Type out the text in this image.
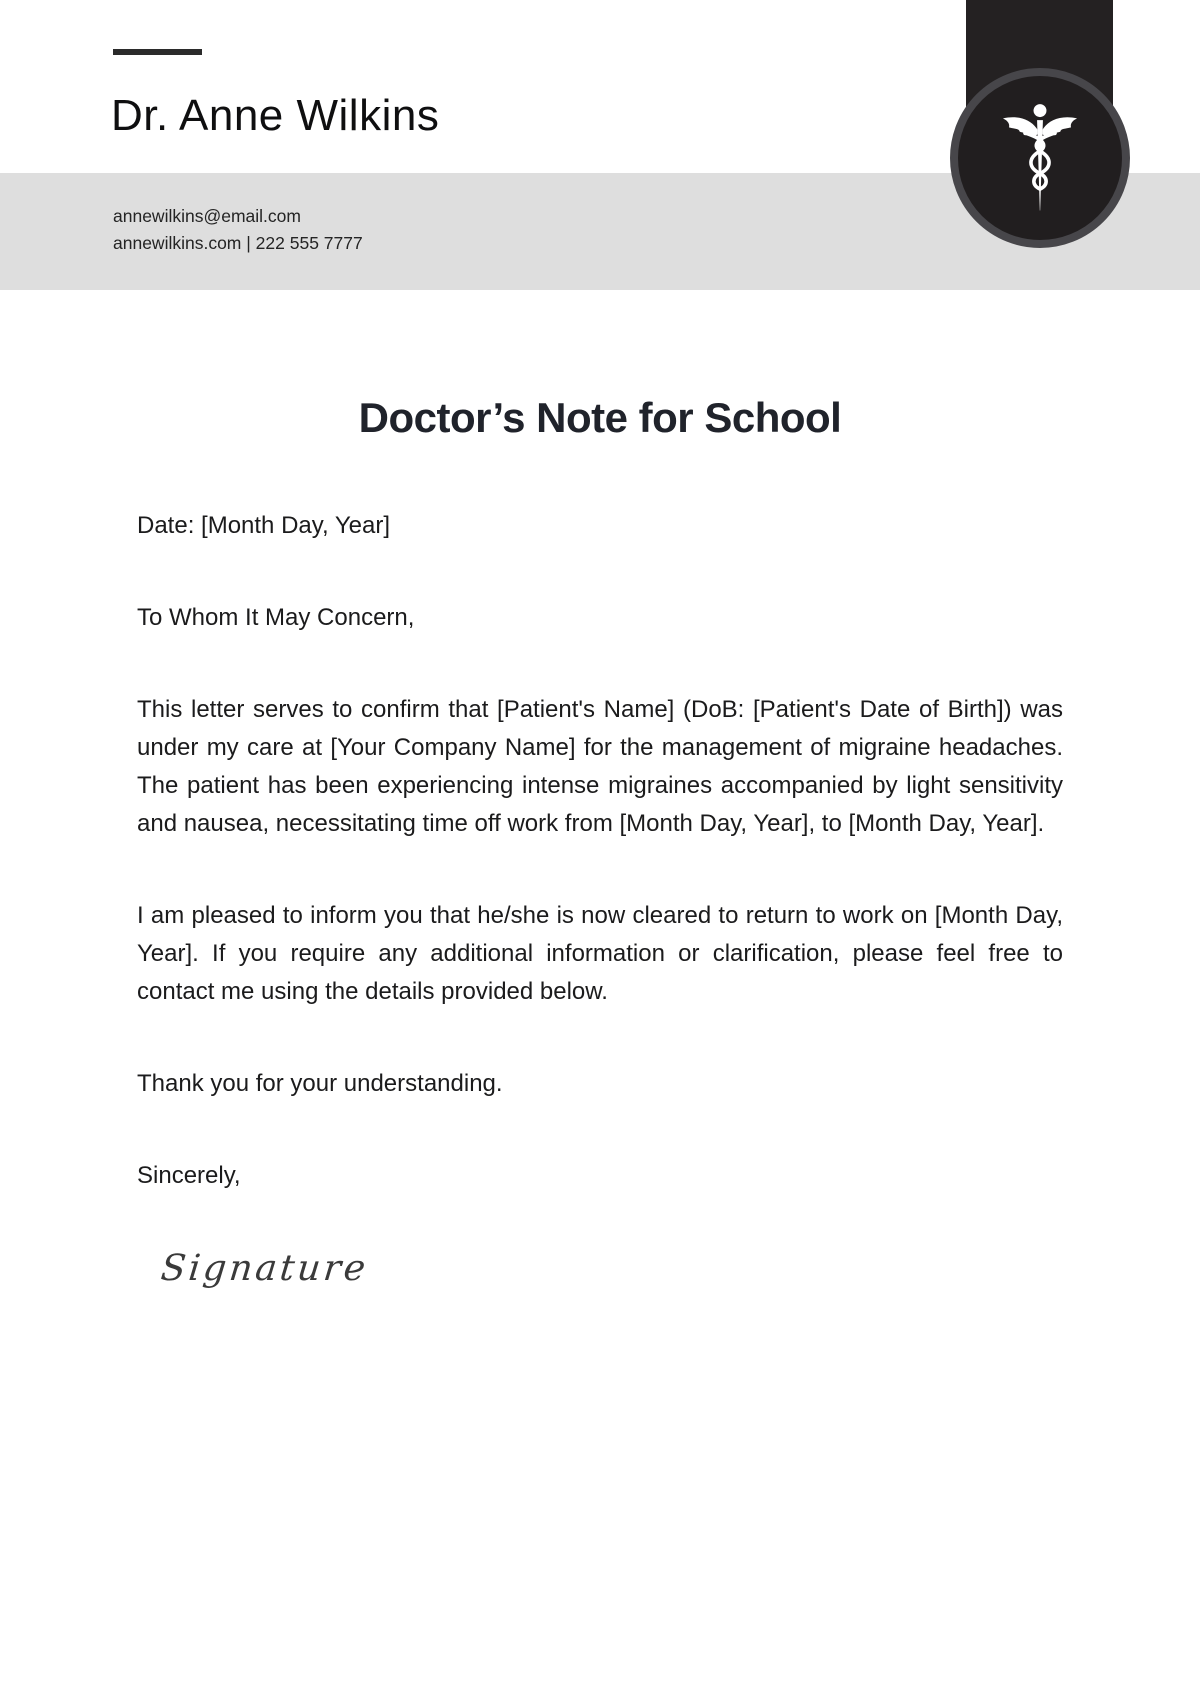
Dr. Anne Wilkins
annewilkins@email.com
annewilkins.com | 222 555 7777
Doctor’s Note for School

Date: [Month Day, Year]

To Whom It May Concern,

This letter serves to confirm that [Patient's Name] (DoB: [Patient's Date of Birth]) was under my care at [Your Company Name] for the management of migraine headaches. The patient has been experiencing intense migraines accompanied by light sensitivity and nausea, necessitating time off work from [Month Day, Year], to [Month Day, Year].

I am pleased to inform you that he/she is now cleared to return to work on [Month Day, Year]. If you require any additional information or clarification, please feel free to contact me using the details provided below.

Thank you for your understanding.

Sincerely,

Signature
